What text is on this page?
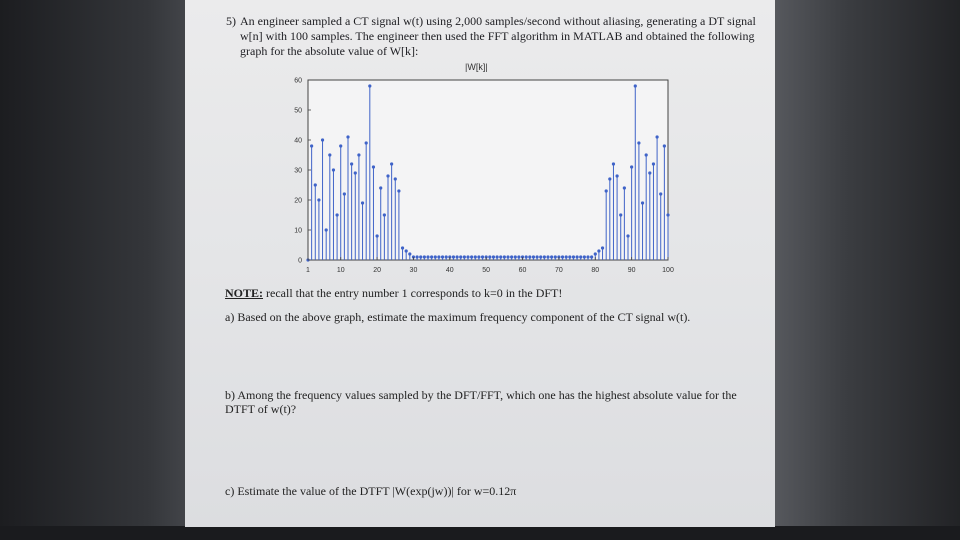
5) An engineer sampled a CT signal w(t) using 2,000 samples/second without aliasing, generating a DT signal w[n] with 100 samples. The engineer then used the FFT algorithm in MATLAB and obtained the following graph for the absolute value of W[k]:
|W[k]|
1	10	20	30	40	50	60	70	80	90	100
0
10
20
30
40
50
60
NOTE: recall that the entry number 1 corresponds to k=0 in the DFT!
a) Based on the above graph, estimate the maximum frequency component of the CT signal w(t).
b) Among the frequency values sampled by the DFT/FFT, which one has the highest absolute value for the DTFT of w(t)?
c) Estimate the value of the DTFT |W(exp(jw))| for w=0.12π
